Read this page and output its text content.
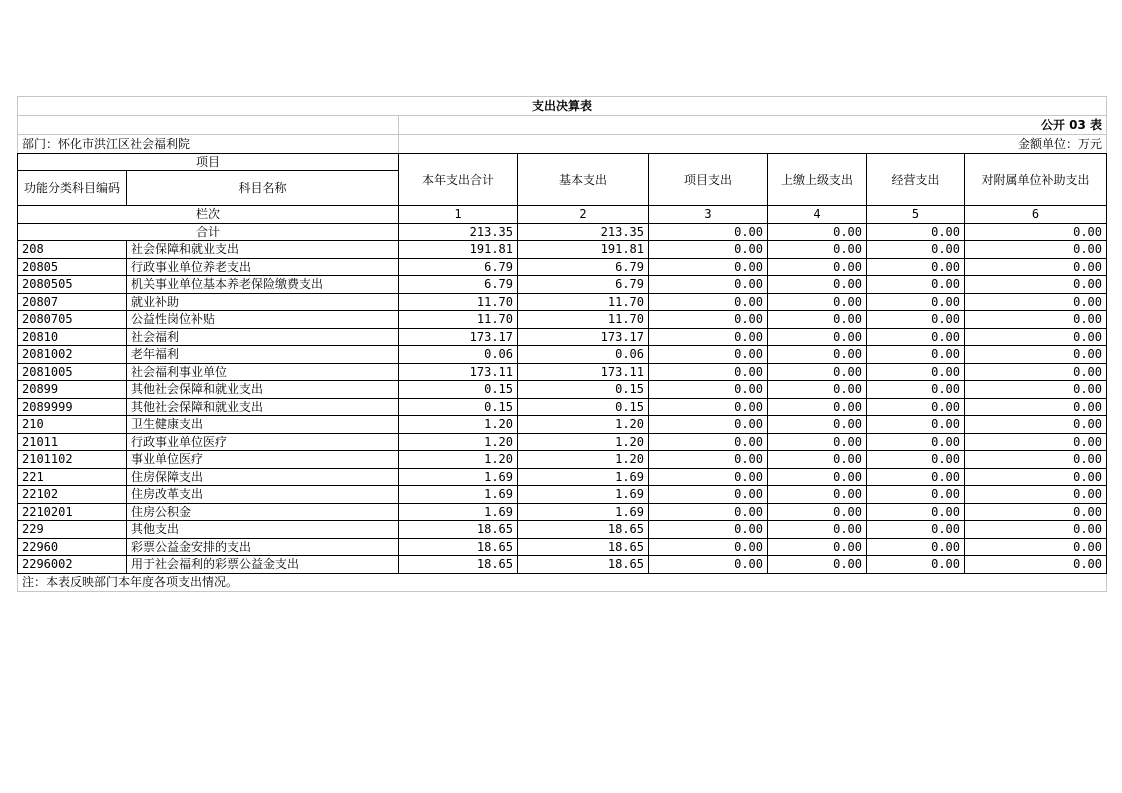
支出决算表							
		公开 03 表					
部门：怀化市洪江区社会福利院		金额单位：万元					
项目		本年支出合计	基本支出	项目支出	上缴上级支出	经营支出	对附属单位补助支出
功能分类科目编码	科目名称						
栏次		1	2	3	4	5	6
合计		213.35	213.35	0.00	0.00	0.00	0.00
208	社会保障和就业支出	191.81	191.81	0.00	0.00	0.00	0.00
20805	行政事业单位养老支出	6.79	6.79	0.00	0.00	0.00	0.00
2080505	机关事业单位基本养老保险缴费支出	6.79	6.79	0.00	0.00	0.00	0.00
20807	就业补助	11.70	11.70	0.00	0.00	0.00	0.00
2080705	公益性岗位补贴	11.70	11.70	0.00	0.00	0.00	0.00
20810	社会福利	173.17	173.17	0.00	0.00	0.00	0.00
2081002	老年福利	0.06	0.06	0.00	0.00	0.00	0.00
2081005	社会福利事业单位	173.11	173.11	0.00	0.00	0.00	0.00
20899	其他社会保障和就业支出	0.15	0.15	0.00	0.00	0.00	0.00
2089999	其他社会保障和就业支出	0.15	0.15	0.00	0.00	0.00	0.00
210	卫生健康支出	1.20	1.20	0.00	0.00	0.00	0.00
21011	行政事业单位医疗	1.20	1.20	0.00	0.00	0.00	0.00
2101102	事业单位医疗	1.20	1.20	0.00	0.00	0.00	0.00
221	住房保障支出	1.69	1.69	0.00	0.00	0.00	0.00
22102	住房改革支出	1.69	1.69	0.00	0.00	0.00	0.00
2210201	住房公积金	1.69	1.69	0.00	0.00	0.00	0.00
229	其他支出	18.65	18.65	0.00	0.00	0.00	0.00
22960	彩票公益金安排的支出	18.65	18.65	0.00	0.00	0.00	0.00
2296002	用于社会福利的彩票公益金支出	18.65	18.65	0.00	0.00	0.00	0.00
注：本表反映部门本年度各项支出情况。							
